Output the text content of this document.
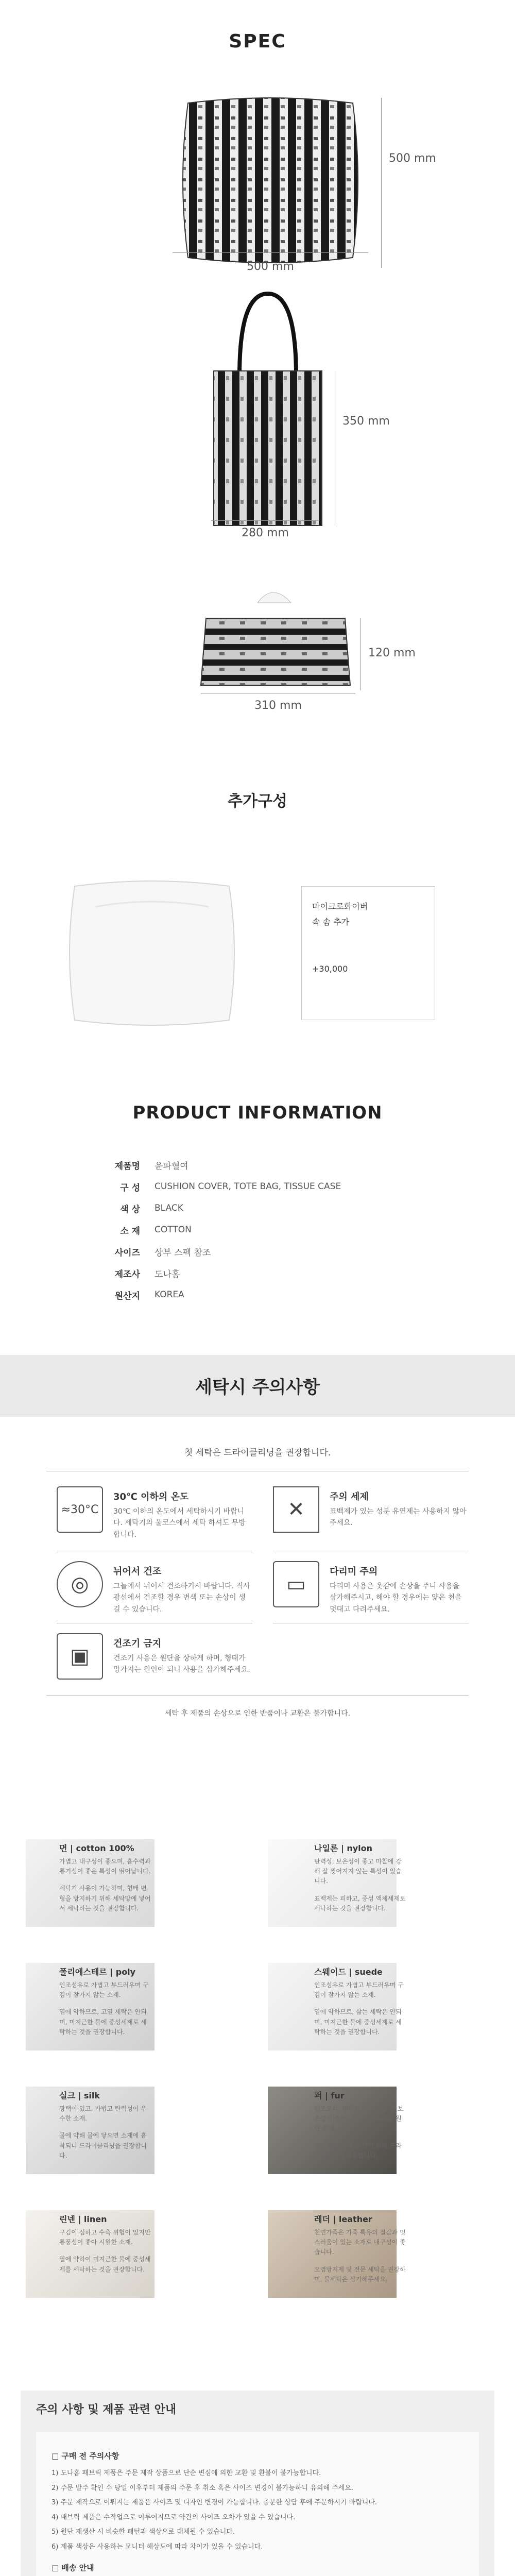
SPEC
500 mm
500 mm
350 mm
280 mm
120 mm
310 mm
추가구성
마이크로화이버
속 솜 추가
+30,000
PRODUCT INFORMATION
제품명	윤파혈여
구 성	CUSHION COVER, TOTE BAG, TISSUE CASE
색 상	BLACK
소 재	COTTON
사이즈	상부 스펙 참조
제조사	도나홈
원산지	KOREA
세탁시 주의사항
첫 세탁은 드라이클리닝을 권장합니다.
≈30°C
30℃ 이하의 온도
30℃ 이하의 온도에서 세탁하시기 바랍니다. 세탁기의 울코스에서 세탁 하셔도 무방합니다.
✕
주의 세제
표백제가 있는 성분 유연제는 사용하지 않아주세요.
◎
뉘어서 건조
그늘에서 뉘어서 건조하기시 바랍니다. 직사광선에서 건조할 경우 변색 또는 손상이 생길 수 있습니다.
▭
다리미 주의
다리미 사용은 옷감에 손상을 주니 사용을 삼가해주시고, 해야 할 경우에는 얇은 천을 덧대고 다려주세요.
▣
건조기 금지
건조기 사용은 원단을 상하게 하며, 형태가 망가지는 원인이 되니 사용을 삼가해주세요.
세탁 후 제품의 손상으로 인한 반품이나 교환은 불가합니다.
면 | cotton 100%
가볍고 내구성이 좋으며, 흡수력과 통기성이 좋은 특성이 뛰어납니다.
세탁기 사용이 가능하며, 형태 변형을 방지하기 위해 세탁망에 넣어서 세탁하는 것을 권장합니다.
나일론 | nylon
탄력성, 보온성이 좋고 마찰에 강해 잘 찢어지지 않는 특성이 있습니다.
표백제는 피하고, 중성 액체세제로 세탁하는 것을 권장합니다.
폴리에스테르 | poly
인조섬유로 가볍고 부드러우며 구김이 잘가지 않는 소재.
열에 약하므로, 고열 세탁은 안되며, 미지근한 물에 중성세제로 세탁하는 것을 권장합니다.
스웨이드 | suede
인조섬유로 가볍고 부드러우며 구김이 잘가지 않는 소재.
열에 약하므로, 삶는 세탁은 안되며, 미지근한 물에 중성세제로 세탁하는 것을 권장합니다.
실크 | silk
광택이 있고, 가볍고 탄력성이 우수한 소재.
물에 약해 물에 닿으면 소재에 흡착되니 드라이클리닝을 권장합니다.
퍼 | fur
인조모피, 레이션 위 털실을 짠 보온성이 좋고, 촉감이 부드러운 원단 소재.
털이 빠지는 것을 막기 위해 드라이클리닝을 권장합니다.
린넨 | linen
구김이 심하고 수축 위험이 있지만 통풍성이 좋아 시원한 소재.
열에 약하여 미지근한 물에 중성세제를 세탁하는 것을 권장합니다.
레더 | leather
천연가죽은 가죽 특유의 질감과 멋스러움이 있는 소재로 내구성이 좋습니다.
오염방지제 및 전문 세탁을 권장하며, 물세탁은 삼가해주세요.
주의 사항 및 제품 관련 안내
□ 구매 전 주의사항
1) 도나홈 패브릭 제품은 주문 제작 상품으로 단순 변심에 의한 교환 및 환불이 불가능합니다.
2) 주문 발주 확인 수 당일 이후부터 제품의 주문 후 취소 혹은 사이즈 변경이 불가능하니 유의해 주세요.
3) 주문 제작으로 이뤄지는 제품은 사이즈 및 디자인 변경이 가능합니다. 충분한 상담 후에 주문하시기 바랍니다.
4) 패브릭 제품은 수작업으로 이루어지므로 약간의 사이즈 오차가 있을 수 있습니다.
5) 원단 재생산 시 비슷한 패턴과 색상으로 대체될 수 있습니다.
6) 제품 색상은 사용하는 모니터 해상도에 따라 차이가 있을 수 있습니다.
□ 배송 안내
